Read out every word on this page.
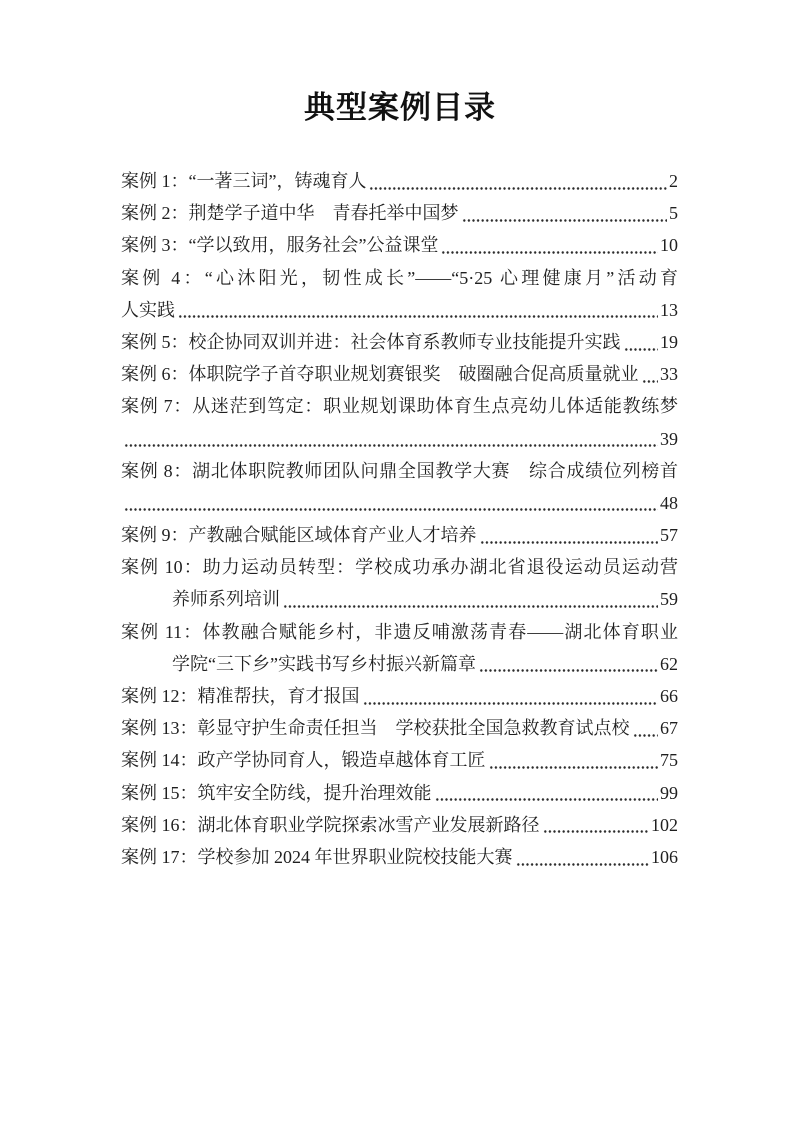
典型案例目录
案例 1：“一著三词”，铸魂育人	2
案例 2：荆楚学子道中华　青春托举中国梦	5
案例 3：“学以致用，服务社会”公益课堂	10
案例 4：“心沐阳光，韧性成长”——“5·25 心理健康月”活动育
人实践	13
案例 5：校企协同双训并进：社会体育系教师专业技能提升实践 19
案例 6：体职院学子首夺职业规划赛银奖　破圈融合促高质量就业 33
案例 7：从迷茫到笃定：职业规划课助体育生点亮幼儿体适能教练梦
39
案例 8：湖北体职院教师团队问鼎全国教学大赛　综合成绩位列榜首
48
案例 9：产教融合赋能区域体育产业人才培养	57
案例 10：助力运动员转型：学校成功承办湖北省退役运动员运动营
养师系列培训	59
案例 11：体教融合赋能乡村，非遗反哺激荡青春——湖北体育职业
学院“三下乡”实践书写乡村振兴新篇章	62
案例 12：精准帮扶，育才报国	66
案例 13：彰显守护生命责任担当　学校获批全国急救教育试点校 67
案例 14：政产学协同育人，锻造卓越体育工匠	75
案例 15：筑牢安全防线，提升治理效能	99
案例 16：湖北体育职业学院探索冰雪产业发展新路径	102
案例 17：学校参加 2024 年世界职业院校技能大赛	106
